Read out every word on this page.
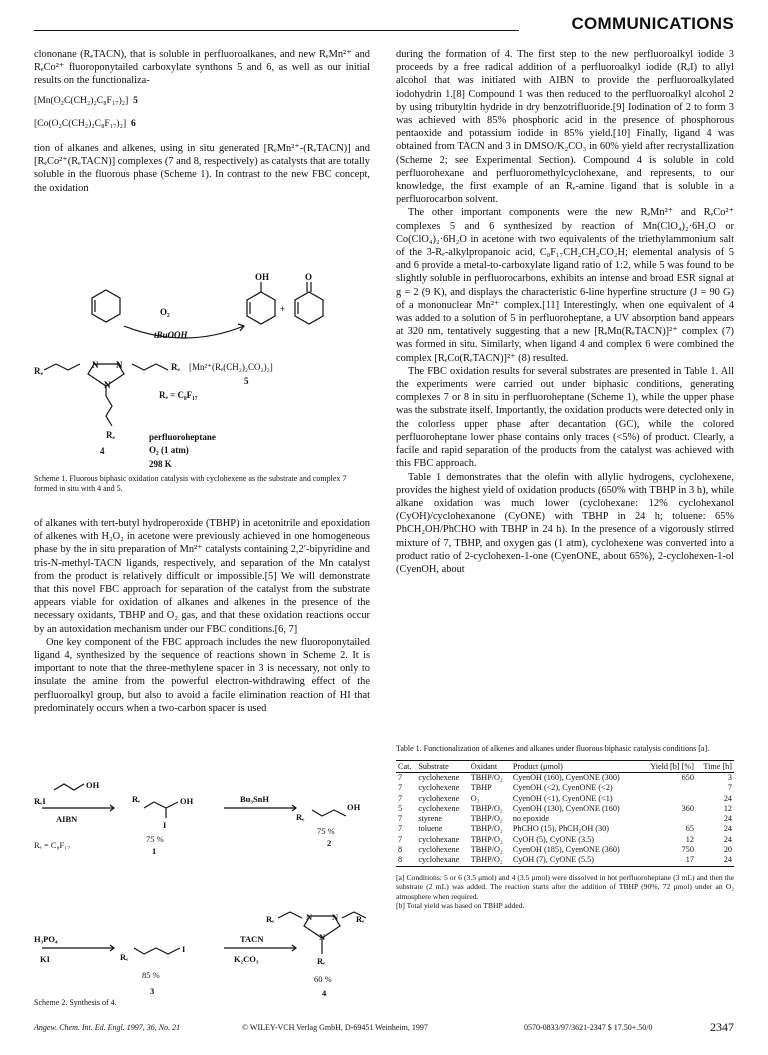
COMMUNICATIONS

clononane (RₑTACN), that is soluble in perfluoroalkanes, and new RₑMn²⁺ and RₑCo²⁺ fluoroponytailed carboxylate synthons 5 and 6, as well as our initial results on the functionaliza-

[Mn(O₂C(CH₂)₂C₈F₁₇)₂] 5
[Co(O₂C(CH₂)₂C₈F₁₇)₂] 6

tion of alkanes and alkenes, using in situ generated [RₑMn²⁺-(RₑTACN)] and [RₑCo²⁺(RₑTACN)] complexes (7 and 8, respectively) as catalysts that are totally soluble in the fluorous phase (Scheme 1). In contrast to the new FBC concept, the oxidation

OH	O
+
O₂
tBuOOH
Rₑ	Rₑ [Mn²⁺(Rₑ(CH₂)₂CO₂)₂]
5
N N
N
Rₑ = C₈F₁₇
Rₑ
4
perfluoroheptane
O₂ (1 atm)
298 K
Scheme 1. Fluorous biphasic oxidation catalysis with cyclohexene as the substrate and complex 7 formed in situ with 4 and 5.

of alkanes with tert-butyl hydroperoxide (TBHP) in acetonitrile and epoxidation of alkenes with H₂O₂ in acetone were previously achieved in one homogeneous phase by the in situ preparation of Mn²⁺ catalysts containing 2,2′-bipyridine and tris-N-methyl-TACN ligands, respectively, and separation of the Mn catalyst from the product is relatively difficult or impossible.[5] We will demonstrate that this novel FBC approach for separation of the catalyst from the substrate appears viable for oxidation of alkanes and alkenes in the presence of the necessary oxidants, TBHP and O₂ gas, and that these oxidation reactions occur by an autoxidation mechanism under our FBC conditions.[6, 7]

One key component of the FBC approach includes the new fluoroponytailed ligand 4, synthesized by the sequence of reactions shown in Scheme 2. It is important to note that the three-methylene spacer in 3 is necessary, not only to insulate the amine from the powerful electron-withdrawing effect of the perfluoroalkyl group, but also to avoid a facile elimination reaction of HI that predominately occurs when a two-carbon spacer is used

OH
RₑI
AIBN
Rₑ = C₈F₁₇
Rₑ	OH
I
75 %
1
Bu₃SnH
Rₑ
OH
75 %
2
H₃PO₄
KI	Rₑ
I
85 %
3
TACN
K₂CO₃
Rₑ	Rₑ
N N
N
Rₑ
60 %
4
Scheme 2. Synthesis of 4.

during the formation of 4. The first step to the new perfluoroalkyl iodide 3 proceeds by a free radical addition of a perfluoroalkyl iodide (RₑI) to allyl alcohol that was initiated with AIBN to provide the perfluoroalkylated iodohydrin 1.[8] Compound 1 was then reduced to the perfluoroalkyl alcohol 2 by using tributyltin hydride in dry benzotrifluoride.[9] Iodination of 2 to form 3 was achieved with 85% phosphoric acid in the presence of phosphorous pentaoxide and potassium iodide in 85% yield.[10] Finally, ligand 4 was obtained from TACN and 3 in DMSO/K₂CO₃ in 60% yield after recrystallization (Scheme 2; see Experimental Section). Compound 4 is soluble in cold perfluorohexane and perfluoromethylcyclohexane, and represents, to our knowledge, the first example of an Rₑ-amine ligand that is soluble in a perfluorocarbon solvent.

The other important components were the new RₑMn²⁺ and RₑCo²⁺ complexes 5 and 6 synthesized by reaction of Mn(ClO₄)₂·6H₂O or Co(ClO₄)₂·6H₂O in acetone with two equivalents of the triethylammonium salt of the 3-Rₑ-alkylpropanoic acid, C₈F₁₇CH₂CH₂CO₂H; elemental analysis of 5 and 6 provide a metal-to-carboxylate ligand ratio of 1:2, while 5 was found to be slightly soluble in perfluorocarbons, exhibits an intense and broad ESR signal at g = 2 (9 K), and displays the characteristic 6-line hyperfine structure (J = 90 G) of a mononuclear Mn²⁺ complex.[11] Interestingly, when one equivalent of 4 was added to a solution of 5 in perfluoroheptane, a UV absorption band appears at 320 nm, tentatively suggesting that a new [RₑMn(RₑTACN)]²⁺ complex (7) was formed in situ. Similarly, when ligand 4 and complex 6 were combined the complex [RₑCo(RₑTACN)]²⁺ (8) resulted.

The FBC oxidation results for several substrates are presented in Table 1. All the experiments were carried out under biphasic conditions, generating complexes 7 or 8 in situ in perfluoroheptane (Scheme 1), while the upper phase was the substrate itself. Importantly, the oxidation products were detected only in the colorless upper phase after decantation (GC), while the colored perfluoroheptane lower phase contains only traces (<5%) of product. Clearly, a facile and rapid separation of the products from the catalyst was achieved with this FBC approach.

Table 1 demonstrates that the olefin with allylic hydrogens, cyclohexene, provides the highest yield of oxidation products (650% with TBHP in 3 h), while alkane oxidation was much lower (cyclohexane: 12% cyclohexanol (CyOH)/cyclohexanone (CyONE) with TBHP in 24 h; toluene: 65% PhCH₂OH/PhCHO with TBHP in 24 h). In the presence of a vigorously stirred mixture of 7, TBHP, and oxygen gas (1 atm), cyclohexene was converted into a product ratio of 2-cyclohexen-1-one (CyenONE, about 65%), 2-cyclohexen-1-ol (CyenOH, about

Table 1. Functionalization of alkenes and alkanes under fluorous biphasic catalysis conditions [a].
Cat.	Substrate	Oxidant	Product (μmol)	Yield [b] [%]	Time [h]
7	cyclohexene	TBHP/O₂	CyenOH (160), CyenONE (300)	650	3
7	cyclohexene	TBHP	CyenOH (<2), CyenONE (<2)		7
7	cyclohexene	O₂	CyenOH (<1), CyenONE (<1)		24
5	cyclohexene	TBHP/O₂	CyenOH (130), CyenONE (160)	360	12
7	styrene	TBHP/O₂	no epoxide		24
7	toluene	TBHP/O₂	PhCHO (15), PhCH₂OH (30)	65	24
7	cyclohexane	TBHP/O₂	CyOH (5), CyONE (3.5)	12	24
8	cyclohexene	TBHP/O₂	CyenOH (185), CyenONE (360)	750	20
8	cyclohexane	TBHP/O₂	CyOH (7), CyONE (5.5)	17	24
[a] Conditions: 5 or 6 (3.5 μmol) and 4 (3.5 μmol) were dissolved in hot perfluoroheptane (3 mL) and then the substrate (2 mL) was added. The reaction starts after the addition of TBHP (90%, 72 μmol) under an O₂ atmosphere when required.
[b] Total yield was based on TBHP added.
Angew. Chem. Int. Ed. Engl. 1997, 36, No. 21	© WILEY-VCH Verlag GmbH, D-69451 Weinheim, 1997	0570-0833/97/3621-2347 $ 17.50+.50/0	2347
